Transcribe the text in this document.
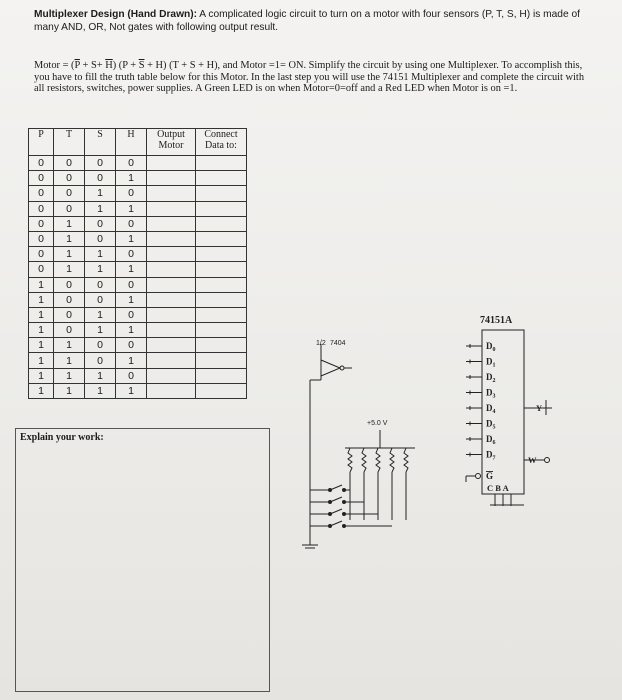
Multiplexer Design (Hand Drawn): A complicated logic circuit to turn on a motor with four sensors (P, T, S, H) is made of many AND, OR, Not gates with following output result.
Motor = $(\overline{P} + S+ \overline{H}) (P + \overline{S} + H) (T + S + H)$, and Motor =1= ON. Simplify the circuit by using one Multiplexer. To accomplish this, you have to fill the truth table below for this Motor. In the last step you will use the 74151 Multiplexer and complete the circuit with all resistors, switches, power supplies. A Green LED is on when Motor=0=off and a Red LED when Motor is on =1.
P	T	S	H	Output Motor	Connect Data to:
0	0	0	0		
0	0	0	1		
0	0	1	0		
0	0	1	1		
0	1	0	0		
0	1	0	1		
0	1	1	0		
0	1	1	1		
1	0	0	0		
1	0	0	1		
1	0	1	0		
1	0	1	1		
1	1	0	0		
1	1	0	1		
1	1	1	0		
1	1	1	1		
Explain your work:
+5.0 V
7404
1/2
74151A
C B A
Y
W
$D_0$
$D_1$
$D_2$
$D_3$
$D_4$
$D_5$
$D_6$
$D_7$
G
